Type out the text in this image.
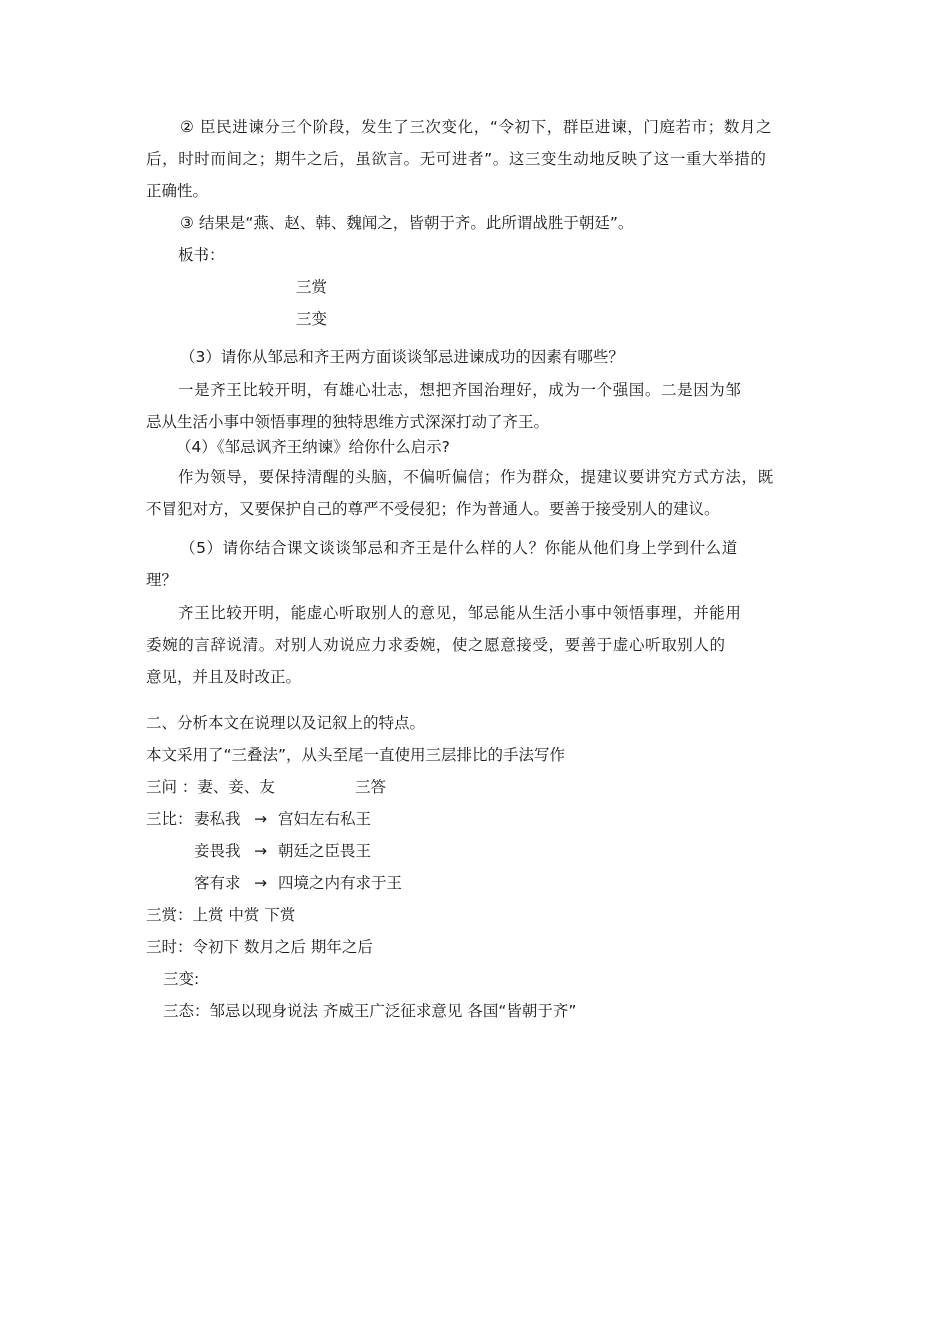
② 臣民进谏分三个阶段，发生了三次变化，“令初下，群臣进谏，门庭若市；数月之
后，时时而间之；期牛之后，虽欲言。无可进者”。这三变生动地反映了这一重大举措的
正确性。
③ 结果是“燕、赵、韩、魏闻之，皆朝于齐。此所谓战胜于朝廷”。
板书：
三赏
三变
（3）请你从邹忌和齐王两方面谈谈邹忌进谏成功的因素有哪些？
一是齐王比较开明，有雄心壮志，想把齐国治理好，成为一个强国。二是因为邹
忌从生活小事中领悟事理的独特思维方式深深打动了齐王。
（4）《邹忌讽齐王纳谏》给你什么启示?
作为领导，要保持清醒的头脑，不偏听偏信；作为群众，提建议要讲究方式方法，既
不冒犯对方，又要保护自己的尊严不受侵犯；作为普通人。要善于接受别人的建议。
（5）请你结合课文谈谈邹忌和齐王是什么样的人？你能从他们身上学到什么道
理？
齐王比较开明，能虚心听取别人的意见，邹忌能从生活小事中领悟事理，并能用
委婉的言辞说清。对别人劝说应力求委婉，使之愿意接受，要善于虚心听取别人的
意见，并且及时改正。
二、分析本文在说理以及记叙上的特点。
本文采用了“三叠法”，从头至尾一直使用三层排比的手法写作
三问 ：妻、妾、友	三答
三比： 妻私我 → 宫妇左右私王
妾畏我 → 朝廷之臣畏王
客有求 → 四境之内有求于王
三赏：上赏 中赏 下赏
三时：令初下 数月之后 期年之后
三变:
三态：邹忌以现身说法 齐威王广泛征求意见 各国“皆朝于齐”
